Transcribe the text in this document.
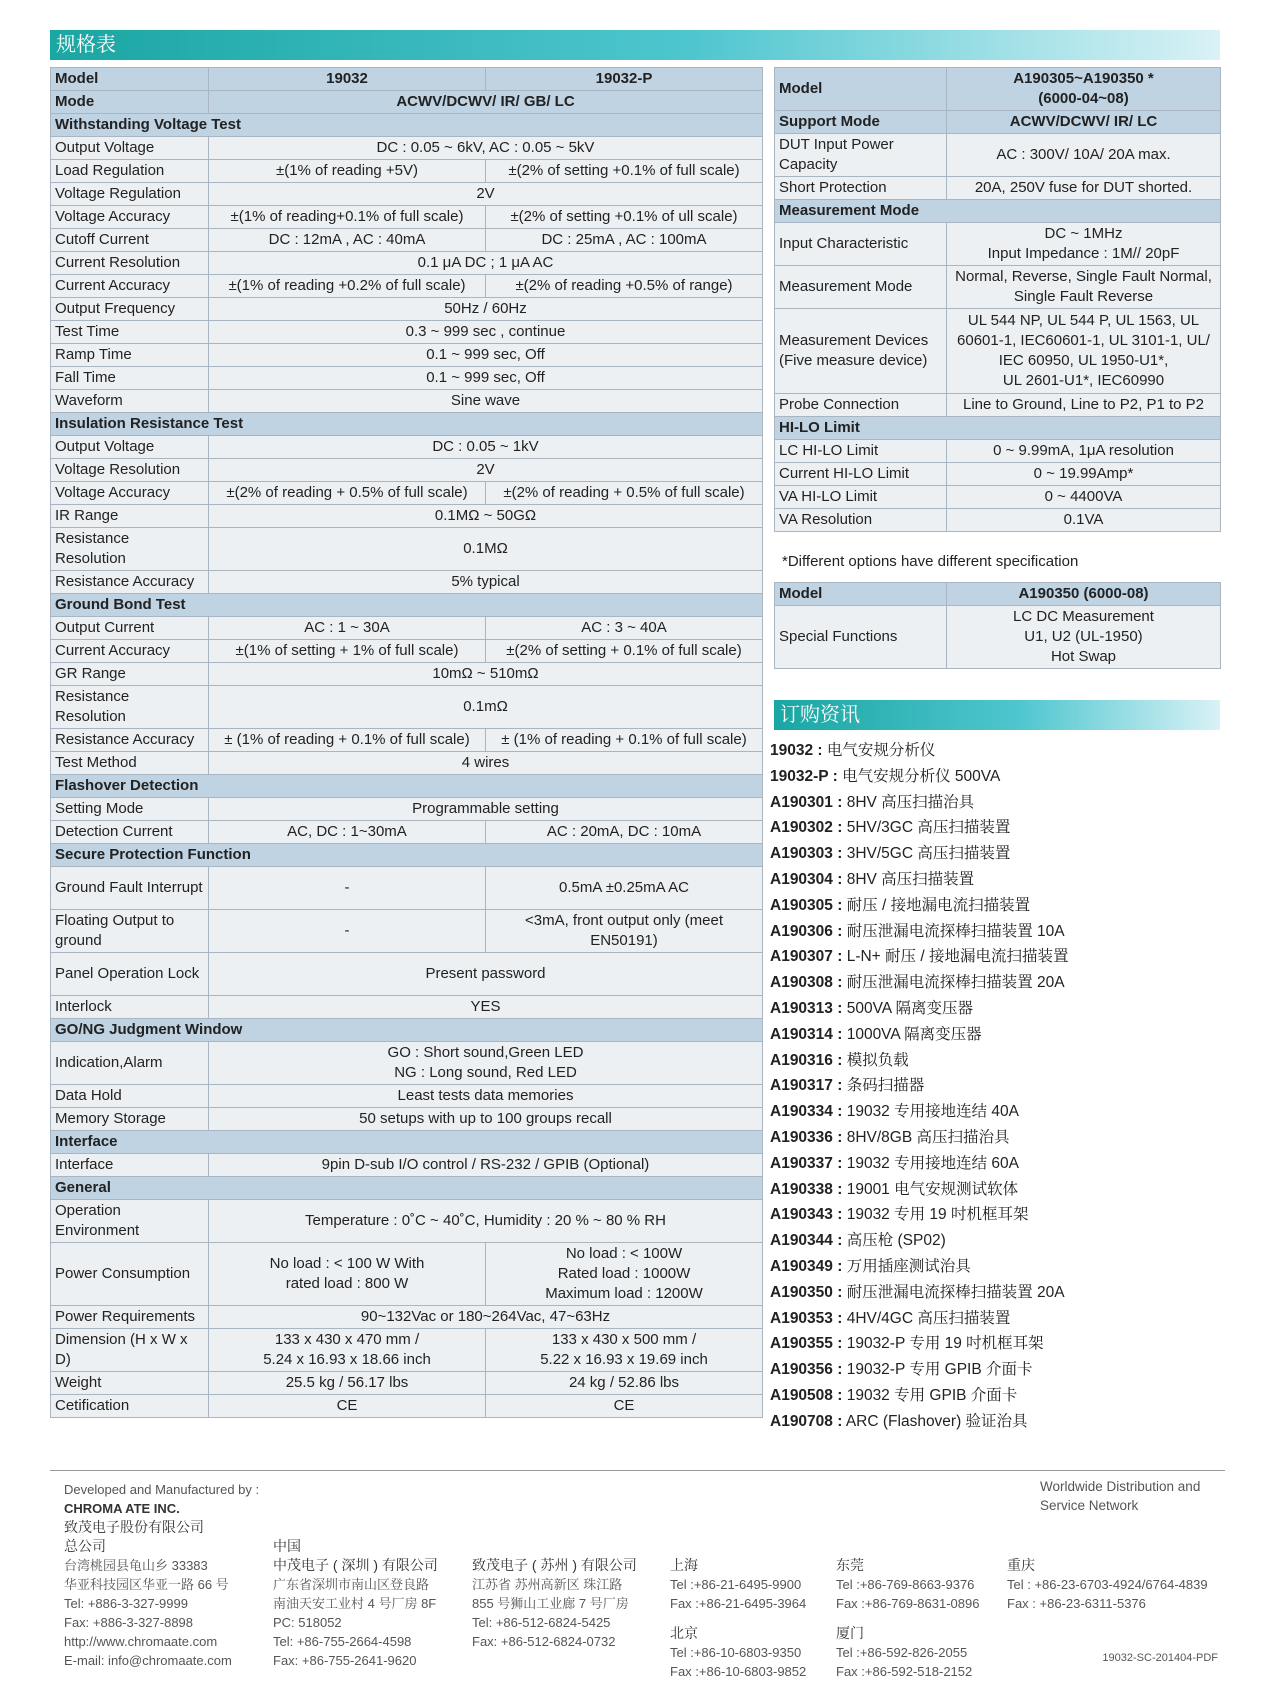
规格表
Model	19032	19032-P
Mode	ACWV/DCWV/ IR/ GB/ LC	
Withstanding Voltage Test		
Output Voltage	DC : 0.05 ~ 6kV, AC : 0.05 ~ 5kV	
Load Regulation	±(1% of reading +5V)	±(2% of setting +0.1% of full scale)
Voltage Regulation	2V	
Voltage Accuracy	±(1% of reading+0.1% of full scale)	±(2% of setting +0.1% of ull scale)
Cutoff Current	DC : 12mA , AC : 40mA	DC : 25mA , AC : 100mA
Current Resolution	0.1 μA DC ; 1 μA AC	
Current Accuracy	±(1% of reading +0.2% of full scale)	±(2% of reading +0.5% of range)
Output Frequency	50Hz / 60Hz	
Test Time	0.3 ~ 999 sec , continue	
Ramp Time	0.1 ~ 999 sec, Off	
Fall Time	0.1 ~ 999 sec, Off	
Waveform	Sine wave	
Insulation Resistance Test		
Output Voltage	DC : 0.05 ~ 1kV	
Voltage Resolution	2V	
Voltage Accuracy	±(2% of reading + 0.5% of full scale)	±(2% of reading + 0.5% of full scale)
IR Range	0.1MΩ ~ 50GΩ	
Resistance Resolution	0.1MΩ	
Resistance Accuracy	5% typical	
Ground Bond Test		
Output Current	AC : 1 ~ 30A	AC : 3 ~ 40A
Current Accuracy	±(1% of setting + 1% of full scale)	±(2% of setting + 0.1% of full scale)
GR Range	10mΩ ~ 510mΩ	
Resistance Resolution	0.1mΩ	
Resistance Accuracy	± (1% of reading + 0.1% of full scale)	± (1% of reading + 0.1% of full scale)
Test Method	4 wires	
Flashover Detection		
Setting Mode	Programmable setting	
Detection Current	AC, DC : 1~30mA	AC : 20mA, DC : 10mA
Secure Protection Function		
Ground Fault Interrupt	-	0.5mA ±0.25mA AC
Floating Output to ground	-	<3mA, front output only (meet EN50191)
Panel Operation Lock	Present password	
Interlock	YES	
GO/NG Judgment Window		
Indication,Alarm	GO : Short sound,Green LED
NG : Long sound, Red LED	
Data Hold	Least tests data memories	
Memory Storage	50 setups with up to 100 groups recall	
Interface		
Interface	9pin D-sub I/O control / RS-232 / GPIB (Optional)	
General		
Operation Environment	Temperature : 0˚C ~ 40˚C, Humidity : 20 % ~ 80 % RH	
Power Consumption	No load : < 100 W With
rated load : 800 W	No load : < 100W
Rated load : 1000W
Maximum load : 1200W
Power Requirements	90~132Vac or 180~264Vac, 47~63Hz	
Dimension (H x W x D)	133 x 430 x 470 mm /
5.24 x 16.93 x 18.66 inch	133 x 430 x 500 mm /
5.22 x 16.93 x 19.69 inch
Weight	25.5 kg / 56.17 lbs	24 kg / 52.86 lbs
Cetification	CE	CE
Model	A190305~A190350 *
(6000-04~08)
Support Mode	ACWV/DCWV/ IR/ LC
DUT Input Power Capacity	AC : 300V/ 10A/ 20A max.
Short Protection	20A, 250V fuse for DUT shorted.
Measurement Mode	
Input Characteristic	DC ~ 1MHz
Input Impedance : 1M// 20pF
Measurement Mode	Normal, Reverse, Single Fault Normal,
Single Fault Reverse
Measurement Devices (Five measure device)	UL 544 NP, UL 544 P, UL 1563, UL
60601-1, IEC60601-1, UL 3101-1, UL/
IEC 60950, UL 1950-U1*,
UL 2601-U1*, IEC60990
Probe Connection	Line to Ground, Line to P2, P1 to P2
HI-LO Limit	
LC HI-LO Limit	0 ~ 9.99mA, 1μA resolution
Current HI-LO Limit	0 ~ 19.99Amp*
VA HI-LO Limit	0 ~ 4400VA
VA Resolution	0.1VA
*Different options have different specification
Model	A190350 (6000-08)
Special Functions	LC DC Measurement
U1, U2 (UL-1950)
Hot Swap
订购资讯
19032 : 电气安规分析仪
19032-P : 电气安规分析仪 500VA
A190301 : 8HV 高压扫描治具
A190302 : 5HV/3GC 高压扫描装置
A190303 : 3HV/5GC 高压扫描装置
A190304 : 8HV 高压扫描装置
A190305 : 耐压 / 接地漏电流扫描装置
A190306 : 耐压泄漏电流探棒扫描装置 10A
A190307 : L-N+ 耐压 / 接地漏电流扫描装置
A190308 : 耐压泄漏电流探棒扫描装置 20A
A190313 : 500VA 隔离变压器
A190314 : 1000VA 隔离变压器
A190316 : 模拟负载
A190317 : 条码扫描器
A190334 : 19032 专用接地连结 40A
A190336 : 8HV/8GB 高压扫描治具
A190337 : 19032 专用接地连结 60A
A190338 : 19001 电气安规测试软体
A190343 : 19032 专用 19 吋机框耳架
A190344 : 高压枪 (SP02)
A190349 : 万用插座测试治具
A190350 : 耐压泄漏电流探棒扫描装置 20A
A190353 : 4HV/4GC 高压扫描装置
A190355 : 19032-P 专用 19 吋机框耳架
A190356 : 19032-P 专用 GPIB 介面卡
A190508 : 19032 专用 GPIB 介面卡
A190708 : ARC (Flashover) 验证治具
Developed and Manufactured by :
CHROMA ATE INC.
致茂电子股份有限公司
总公司
台湾桃园县龟山乡 33383
华亚科技园区华亚一路 66 号
Tel: +886-3-327-9999
Fax: +886-3-327-8898
http://www.chromaate.com
E-mail: info@chromaate.com
中国
中茂电子 ( 深圳 ) 有限公司
广东省深圳市南山区登良路
南油天安工业村 4 号厂房 8F
PC: 518052
Tel: +86-755-2664-4598
Fax: +86-755-2641-9620
致茂电子 ( 苏州 ) 有限公司
江苏省 苏州高新区 珠江路
855 号狮山工业廊 7 号厂房
Tel: +86-512-6824-5425
Fax: +86-512-6824-0732
上海
Tel :+86-21-6495-9900
Fax :+86-21-6495-3964
北京
Tel :+86-10-6803-9350
Fax :+86-10-6803-9852
东莞
Tel :+86-769-8663-9376
Fax :+86-769-8631-0896
厦门
Tel :+86-592-826-2055
Fax :+86-592-518-2152
重庆
Tel : +86-23-6703-4924/6764-4839
Fax : +86-23-6311-5376
Worldwide Distribution and
Service Network
19032-SC-201404-PDF
